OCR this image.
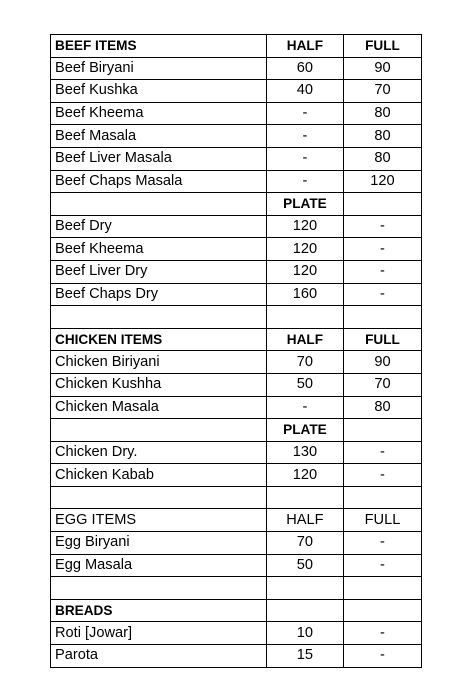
BEEF ITEMS	HALF	FULL
Beef Biryani	60	90
Beef Kushka	40	70
Beef Kheema	-	80
Beef Masala	-	80
Beef Liver Masala	-	80
Beef Chaps Masala	-	120
	PLATE	
Beef Dry	120	-
Beef Kheema	120	-
Beef Liver Dry	120	-
Beef Chaps Dry	160	-

CHICKEN ITEMS	HALF	FULL
Chicken Biriyani	70	90
Chicken Kushha	50	70
Chicken Masala	-	80
	PLATE	
Chicken Dry.	130	-
Chicken Kabab	120	-

EGG ITEMS	HALF	FULL
Egg Biryani	70	-
Egg Masala	50	-

BREADS		
Roti [Jowar]	10	-
Parota	15	-
